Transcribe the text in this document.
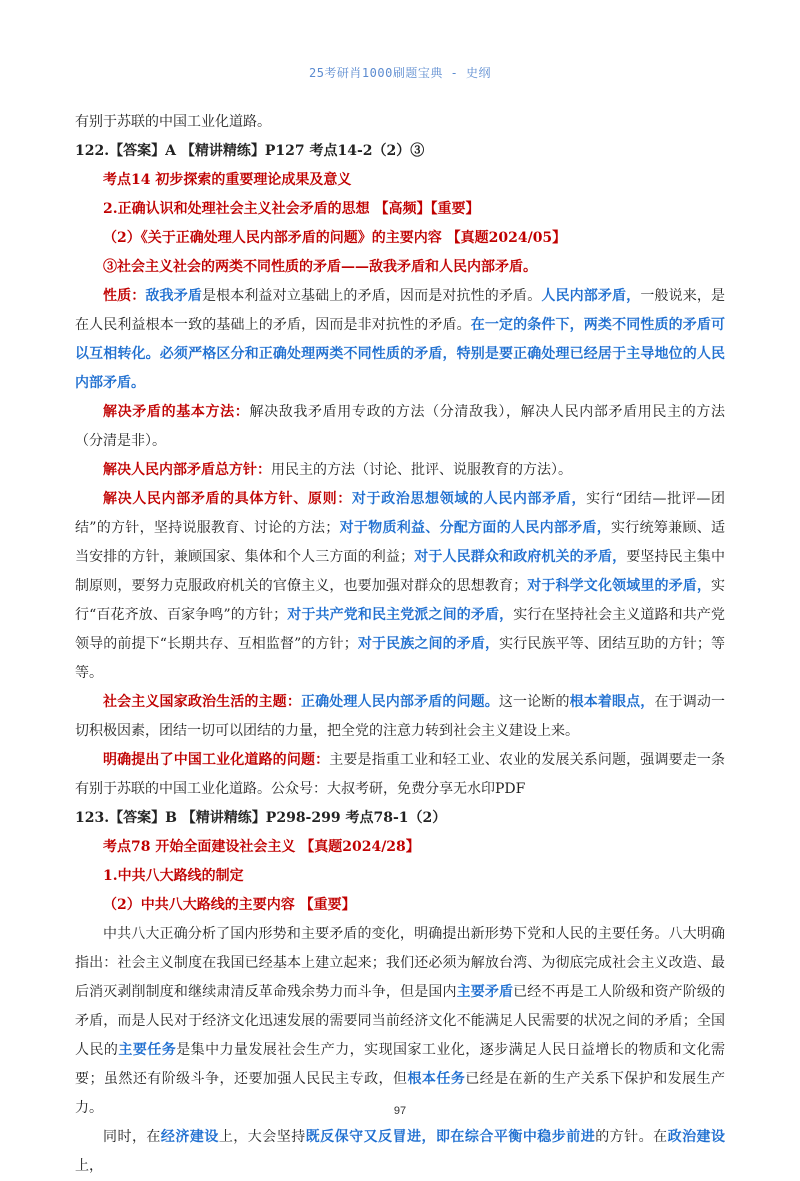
25考研肖1000刷题宝典 - 史纲

有别于苏联的中国工业化道路。

122.【答案】A 【精讲精练】P127 考点14-2（2）③

考点14 初步探索的重要理论成果及意义

2.正确认识和处理社会主义社会矛盾的思想 【高频】【重要】

（2）《关于正确处理人民内部矛盾的问题》的主要内容 【真题2024/05】

③社会主义社会的两类不同性质的矛盾——敌我矛盾和人民内部矛盾。

性质：敌我矛盾是根本利益对立基础上的矛盾，因而是对抗性的矛盾。人民内部矛盾，一般说来，是在人民利益根本一致的基础上的矛盾，因而是非对抗性的矛盾。在一定的条件下，两类不同性质的矛盾可以互相转化。必须严格区分和正确处理两类不同性质的矛盾，特别是要正确处理已经居于主导地位的人民内部矛盾。

解决矛盾的基本方法：解决敌我矛盾用专政的方法（分清敌我），解决人民内部矛盾用民主的方法（分清是非）。

解决人民内部矛盾总方针：用民主的方法（讨论、批评、说服教育的方法）。

解决人民内部矛盾的具体方针、原则：对于政治思想领域的人民内部矛盾，实行“团结—批评—团结”的方针，坚持说服教育、讨论的方法；对于物质利益、分配方面的人民内部矛盾，实行统筹兼顾、适当安排的方针，兼顾国家、集体和个人三方面的利益；对于人民群众和政府机关的矛盾，要坚持民主集中制原则，要努力克服政府机关的官僚主义，也要加强对群众的思想教育；对于科学文化领域里的矛盾，实行“百花齐放、百家争鸣”的方针；对于共产党和民主党派之间的矛盾，实行在坚持社会主义道路和共产党领导的前提下“长期共存、互相监督”的方针；对于民族之间的矛盾，实行民族平等、团结互助的方针；等等。

社会主义国家政治生活的主题：正确处理人民内部矛盾的问题。这一论断的根本着眼点，在于调动一切积极因素，团结一切可以团结的力量，把全党的注意力转到社会主义建设上来。

明确提出了中国工业化道路的问题：主要是指重工业和轻工业、农业的发展关系问题，强调要走一条有别于苏联的中国工业化道路。公众号：大叔考研，免费分享无水印PDF

123.【答案】B 【精讲精练】P298-299 考点78-1（2）

考点78 开始全面建设社会主义 【真题2024/28】

1.中共八大路线的制定

（2）中共八大路线的主要内容 【重要】

中共八大正确分析了国内形势和主要矛盾的变化，明确提出新形势下党和人民的主要任务。八大明确指出：社会主义制度在我国已经基本上建立起来；我们还必须为解放台湾、为彻底完成社会主义改造、最后消灭剥削制度和继续肃清反革命残余势力而斗争，但是国内主要矛盾已经不再是工人阶级和资产阶级的矛盾，而是人民对于经济文化迅速发展的需要同当前经济文化不能满足人民需要的状况之间的矛盾；全国人民的主要任务是集中力量发展社会生产力，实现国家工业化，逐步满足人民日益增长的物质和文化需要；虽然还有阶级斗争，还要加强人民民主专政，但根本任务已经是在新的生产关系下保护和发展生产力。

同时，在经济建设上，大会坚持既反保守又反冒进，即在综合平衡中稳步前进的方针。在政治建设上，

97
